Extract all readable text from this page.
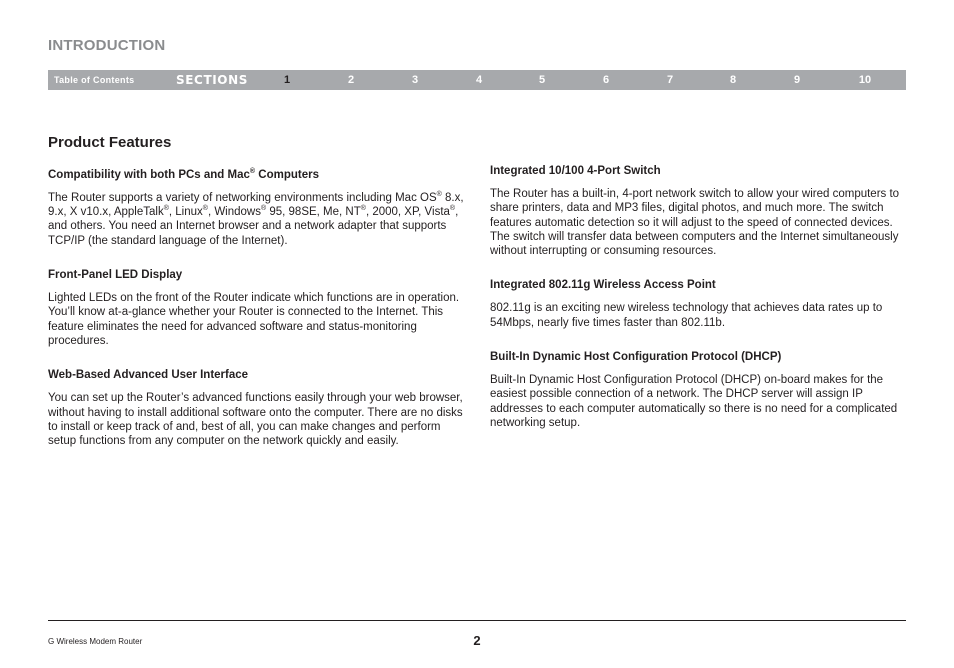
INTRODUCTION
Table of Contents	SECTIONS	1	2	3	4	5	6	7	8	9	10
Product Features
Compatibility with both PCs and Mac® Computers

The Router supports a variety of networking environments including Mac OS® 8.x, 9.x, X v10.x, AppleTalk®, Linux®, Windows® 95, 98SE, Me, NT®, 2000, XP, Vista®, and others. You need an Internet browser and a network adapter that supports TCP/IP (the standard language of the Internet).

Front-Panel LED Display

Lighted LEDs on the front of the Router indicate which functions are in operation. You’ll know at-a-glance whether your Router is connected to the Internet. This feature eliminates the need for advanced software and status-monitoring procedures.

Web-Based Advanced User Interface

You can set up the Router’s advanced functions easily through your web browser, without having to install additional software onto the computer. There are no disks to install or keep track of and, best of all, you can make changes and perform setup functions from any computer on the network quickly and easily.

Integrated 10/100 4-Port Switch

The Router has a built-in, 4-port network switch to allow your wired computers to share printers, data and MP3 files, digital photos, and much more. The switch features automatic detection so it will adjust to the speed of connected devices. The switch will transfer data between computers and the Internet simultaneously without interrupting or consuming resources.

Integrated 802.11g Wireless Access Point

802.11g is an exciting new wireless technology that achieves data rates up to 54Mbps, nearly five times faster than 802.11b.

Built-In Dynamic Host Configuration Protocol (DHCP)

Built-In Dynamic Host Configuration Protocol (DHCP) on-board makes for the easiest possible connection of a network. The DHCP server will assign IP addresses to each computer automatically so there is no need for a complicated networking setup.

G Wireless Modem Router	2
